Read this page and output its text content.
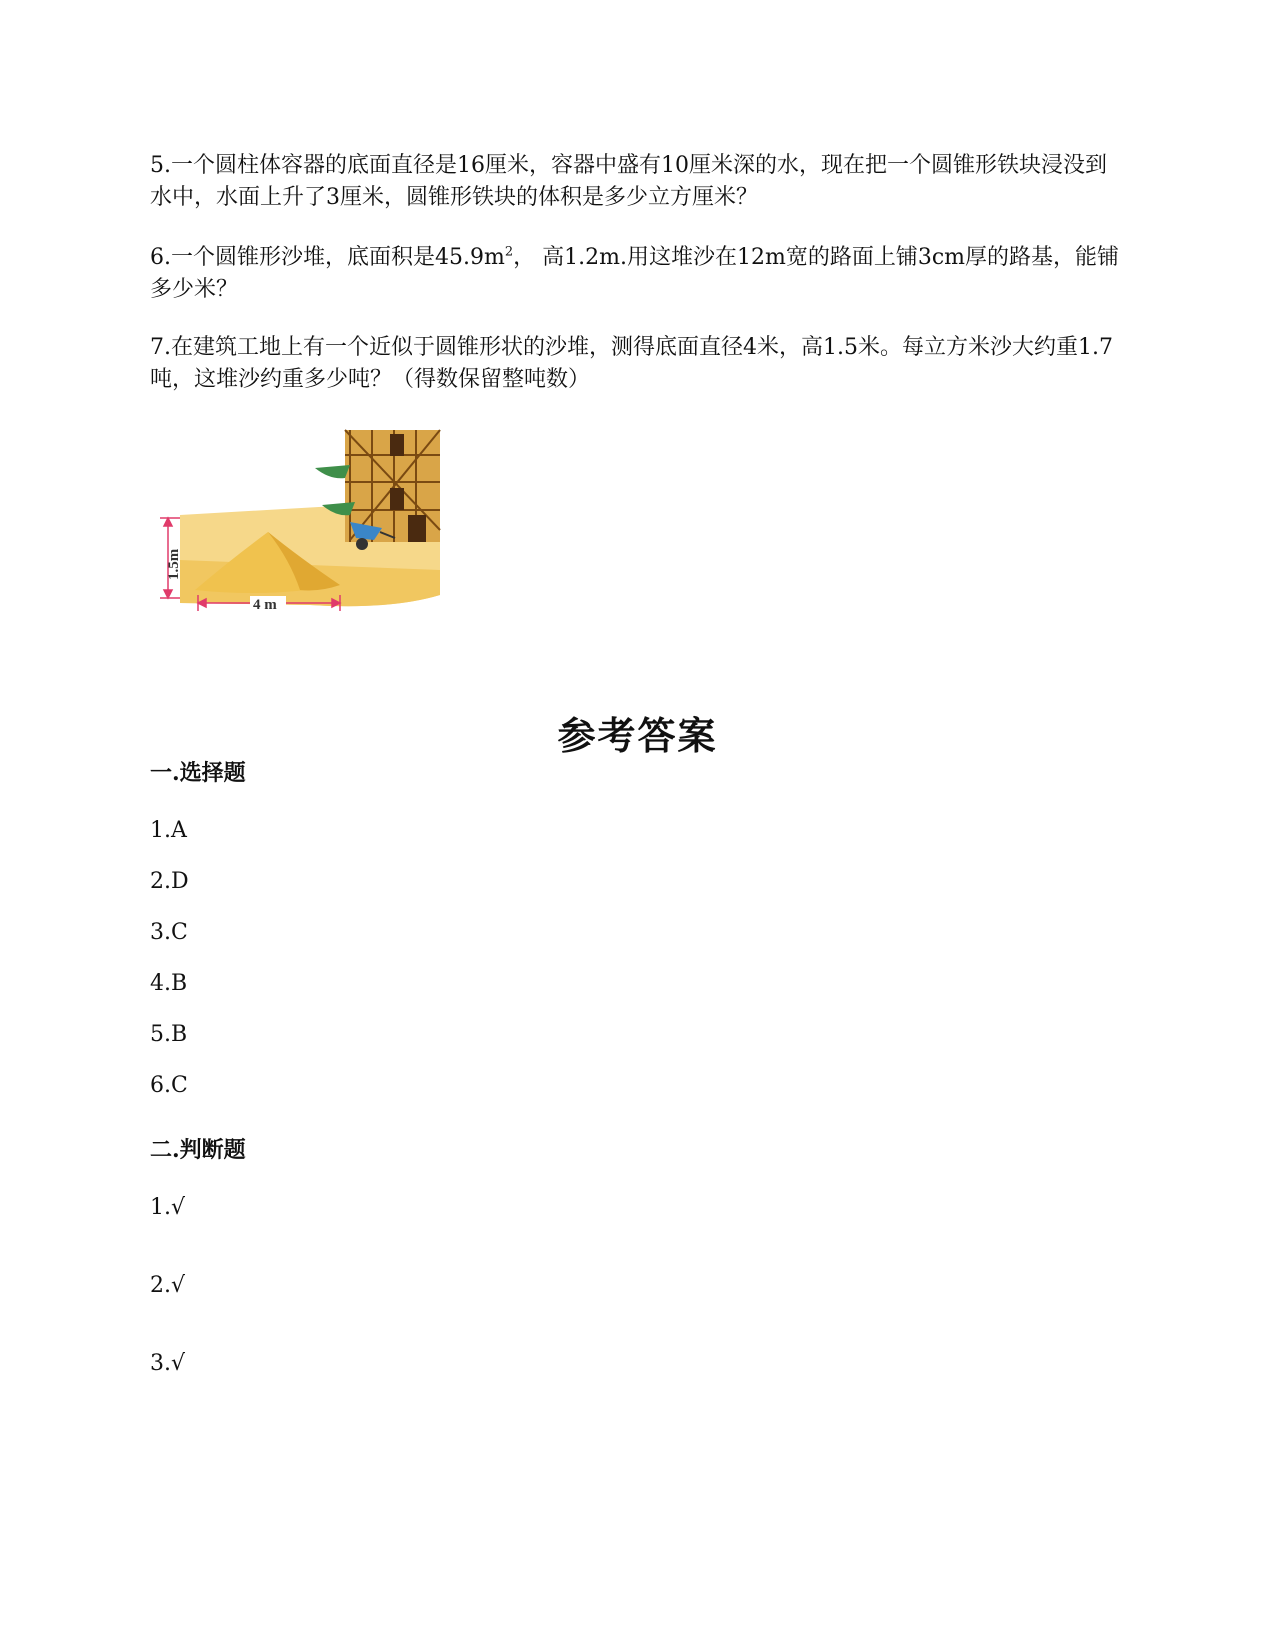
5.一个圆柱体容器的底面直径是16厘米，容器中盛有10厘米深的水，现在把一个圆锥形铁块浸没到水中，水面上升了3厘米，圆锥形铁块的体积是多少立方厘米？
6.一个圆锥形沙堆，底面积是$45.9m^2$， 高1.2m.用这堆沙在12m宽的路面上铺3cm厚的路基，能铺多少米？
7.在建筑工地上有一个近似于圆锥形状的沙堆，测得底面直径4米，高1.5米。每立方米沙大约重1.7吨，这堆沙约重多少吨？（得数保留整吨数）
1.5m
4 m
参考答案
一.选择题
1.A
2.D
3.C
4.B
5.B
6.C
二.判断题
1.√
2.√
3.√
